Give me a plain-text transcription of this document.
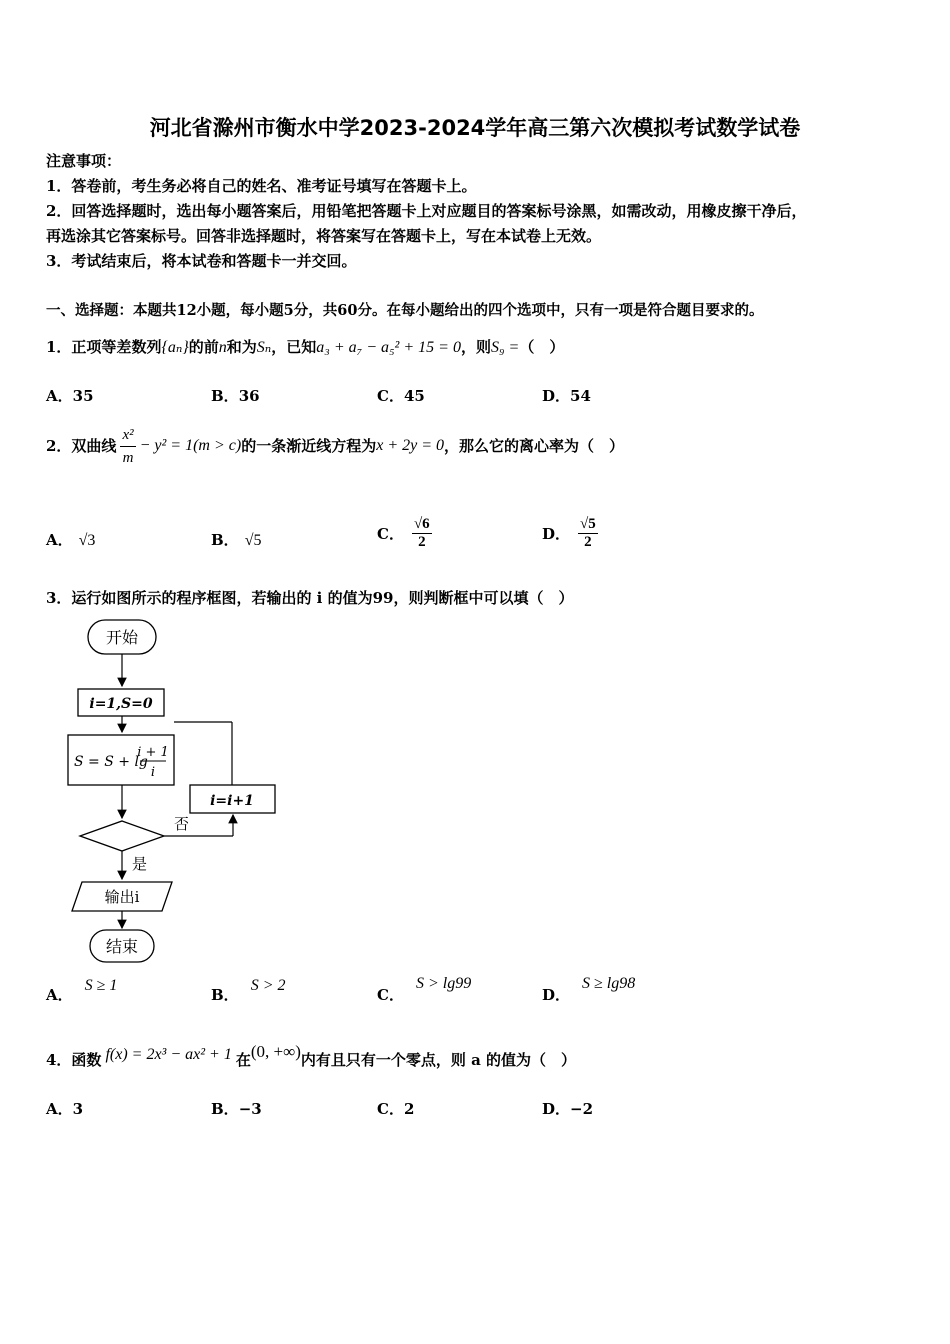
河北省滁州市衡水中学2023-2024学年高三第六次模拟考试数学试卷
注意事项：
1．答卷前，考生务必将自己的姓名、准考证号填写在答题卡上。
2．回答选择题时，选出每小题答案后，用铅笔把答题卡上对应题目的答案标号涂黑，如需改动，用橡皮擦干净后，
再选涂其它答案标号。回答非选择题时，将答案写在答题卡上，写在本试卷上无效。
3．考试结束后，将本试卷和答题卡一并交回。
一、选择题：本题共12小题，每小题5分，共60分。在每小题给出的四个选项中，只有一项是符合题目要求的。
1．正项等差数列{aₙ}的前n和为Sₙ，已知a₃ + a₇ − a₅² + 15 = 0，则S₉ =（　）
A．35	B．36	C．45	D．54
2．双曲线 $\frac{\text{x²}}{m} - y^2 = 1(m > c)$ 的一条渐近线方程为 x + 2y = 0 ，那么它的离心率为（　）
A． √3	B． √5	C． $\frac{√6}{2}$	D． $\frac{√5}{2}$
3．运行如图所示的程序框图，若输出的 i 的值为99，则判断框中可以填（　）
开始
i=1,S=0
S = S + lg
i + 1
i
否
i=i+1
是
输出i
结束
A．S ≥ 1
B．S > 2
C．S > lg99
D．S ≥ lg98
4．函数 f(x) = 2x³ − ax² + 1 在(0, +∞)内有且只有一个零点，则 a 的值为（　）
A．3	B．−3	C．2	D．−2
